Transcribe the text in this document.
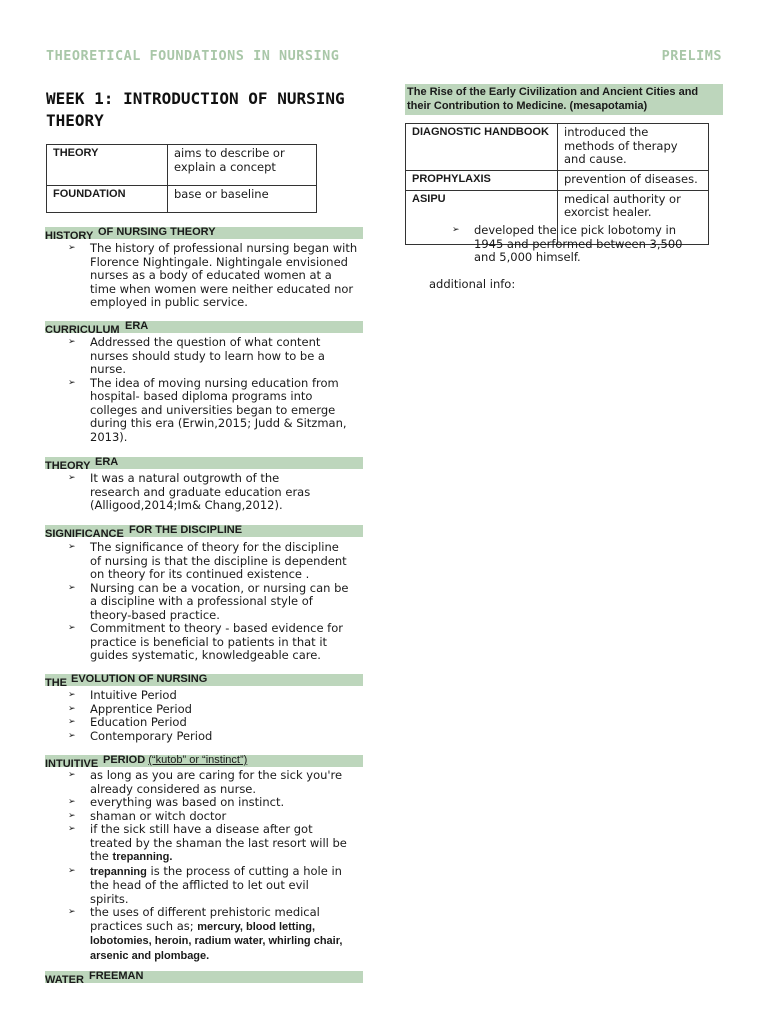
THEORETICAL FOUNDATIONS IN NURSING	PRELIMS
WEEK 1: INTRODUCTION OF NURSING THEORY
THEORY	aims to describe or explain a concept
FOUNDATION	base or baseline
HISTORY OF NURSING THEORY
➢ The history of professional nursing began with Florence Nightingale. Nightingale envisioned nurses as a body of educated women at a time when women were neither educated nor employed in public service.
CURRICULUM ERA
➢ Addressed the question of what content nurses should study to learn how to be a nurse.
➢ The idea of moving nursing education from hospital- based diploma programs into colleges and universities began to emerge during this era (Erwin,2015; Judd & Sitzman, 2013).
THEORY ERA
➢ It was a natural outgrowth of the research and graduate education eras (Alligood,2014;Im& Chang,2012).
SIGNIFICANCE FOR THE DISCIPLINE
➢ The significance of theory for the discipline of nursing is that the discipline is dependent on theory for its continued existence .
➢ Nursing can be a vocation, or nursing can be a discipline with a professional style of theory-based practice.
➢ Commitment to theory - based evidence for practice is beneficial to patients in that it guides systematic, knowledgeable care.
THE EVOLUTION OF NURSING
➢ Intuitive Period
➢ Apprentice Period
➢ Education Period
➢ Contemporary Period
INTUITIVE PERIOD (“kutob” or “instinct”)
➢ as long as you are caring for the sick you're already considered as nurse.
➢ everything was based on instinct.
➢ shaman or witch doctor
➢ if the sick still have a disease after got treated by the shaman the last resort will be the trepanning.
➢ trepanning is the process of cutting a hole in the head of the afflicted to let out evil spirits.
➢ the uses of different prehistoric medical practices such as; mercury, blood letting, lobotomies, heroin, radium water, whirling chair, arsenic and plombage.
WATER FREEMAN
The Rise of the Early Civilization and Ancient Cities and their Contribution to Medicine. (mesapotamia)
DIAGNOSTIC HANDBOOK	introduced the methods of therapy and cause.
PROPHYLAXIS	prevention of diseases.
ASIPU	medical authority or exorcist healer.
➢ developed the ice pick lobotomy in 1945 and performed between 3,500 and 5,000 himself.
additional info:
